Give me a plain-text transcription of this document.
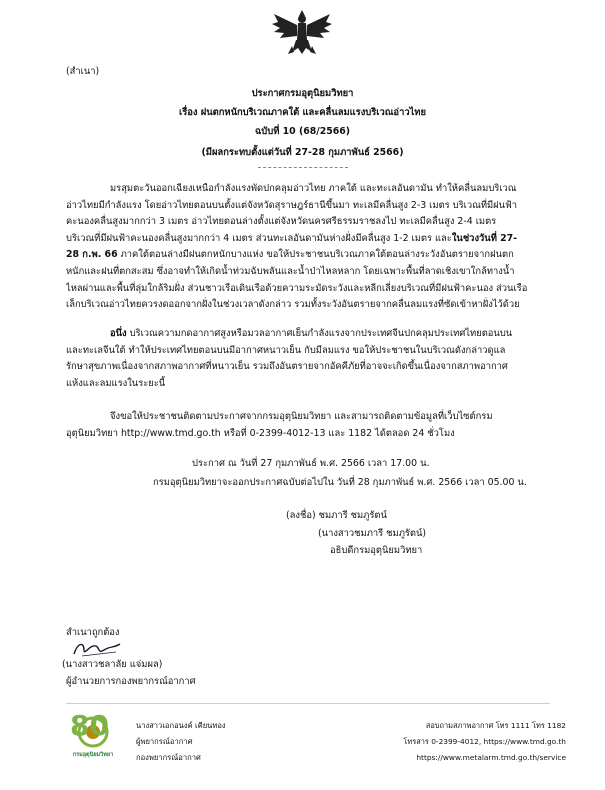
(สำเนา)
ประกาศกรมอุตุนิยมวิทยา
เรื่อง ฝนตกหนักบริเวณภาคใต้ และคลื่นลมแรงบริเวณอ่าวไทย
ฉบับที่ 10 (68/2566)
(มีผลกระทบตั้งแต่วันที่ 27-28 กุมภาพันธ์ 2566)
มรสุมตะวันออกเฉียงเหนือกำลังแรงพัดปกคลุมอ่าวไทย ภาคใต้ และทะเลอันดามัน ทำให้คลื่นลมบริเวณ
อ่าวไทยมีกำลังแรง โดยอ่าวไทยตอนบนตั้งแต่จังหวัดสุราษฎร์ธานีขึ้นมา ทะเลมีคลื่นสูง 2-3 เมตร บริเวณที่มีฝนฟ้า
คะนองคลื่นสูงมากกว่า 3 เมตร อ่าวไทยตอนล่างตั้งแต่จังหวัดนครศรีธรรมราชลงไป ทะเลมีคลื่นสูง 2-4 เมตร
บริเวณที่มีฝนฟ้าคะนองคลื่นสูงมากกว่า 4 เมตร ส่วนทะเลอันดามันห่างฝั่งมีคลื่นสูง 1-2 เมตร และในช่วงวันที่ 27-
28 ก.พ. 66 ภาคใต้ตอนล่างมีฝนตกหนักบางแห่ง ขอให้ประชาชนบริเวณภาคใต้ตอนล่างระวังอันตรายจากฝนตก
หนักและฝนที่ตกสะสม ซึ่งอาจทำให้เกิดน้ำท่วมฉับพลันและน้ำป่าไหลหลาก โดยเฉพาะพื้นที่ลาดเชิงเขาใกล้ทางน้ำ
ไหลผ่านและพื้นที่ลุ่มใกล้ริมฝั่ง ส่วนชาวเรือเดินเรือด้วยความระมัดระวังและหลีกเลี่ยงบริเวณที่มีฝนฟ้าคะนอง ส่วนเรือ
เล็กบริเวณอ่าวไทยควรงดออกจากฝั่งในช่วงเวลาดังกล่าว รวมทั้งระวังอันตรายจากคลื่นลมแรงที่ซัดเข้าหาฝั่งไว้ด้วย
อนึ่ง บริเวณความกดอากาศสูงหรือมวลอากาศเย็นกำลังแรงจากประเทศจีนปกคลุมประเทศไทยตอนบน
และทะเลจีนใต้ ทำให้ประเทศไทยตอนบนมีอากาศหนาวเย็น กับมีลมแรง ขอให้ประชาชนในบริเวณดังกล่าวดูแล
รักษาสุขภาพเนื่องจากสภาพอากาศที่หนาวเย็น รวมถึงอันตรายจากอัคคีภัยที่อาจจะเกิดขึ้นเนื่องจากสภาพอากาศ
แห้งและลมแรงในระยะนี้
จึงขอให้ประชาชนติดตามประกาศจากกรมอุตุนิยมวิทยา และสามารถติดตามข้อมูลที่เว็บไซต์กรม
อุตุนิยมวิทยา http://www.tmd.go.th หรือที่ 0-2399-4012-13 และ 1182 ได้ตลอด 24 ชั่วโมง
ประกาศ ณ วันที่ 27 กุมภาพันธ์ พ.ศ. 2566 เวลา 17.00 น.
กรมอุตุนิยมวิทยาจะออกประกาศฉบับต่อไปใน วันที่ 28 กุมภาพันธ์ พ.ศ. 2566 เวลา 05.00 น.
(ลงชื่อ) ชมภารี ชมภูรัตน์
(นางสาวชมภารี ชมภูรัตน์)
อธิบดีกรมอุตุนิยมวิทยา
สำเนาถูกต้อง
(นางสาวชลาลัย แจ่มผล)
ผู้อำนวยการกองพยากรณ์อากาศ
80
กรมอุตุนิยมวิทยา
นางสาวเอกอนงค์ เคียนทอง
ผู้พยากรณ์อากาศ
กองพยากรณ์อากาศ
สอบถามสภาพอากาศ โทร 1111 โทร 1182
โทรสาร 0-2399-4012, https://www.tmd.go.th
https://www.metalarm.tmd.go.th/service
